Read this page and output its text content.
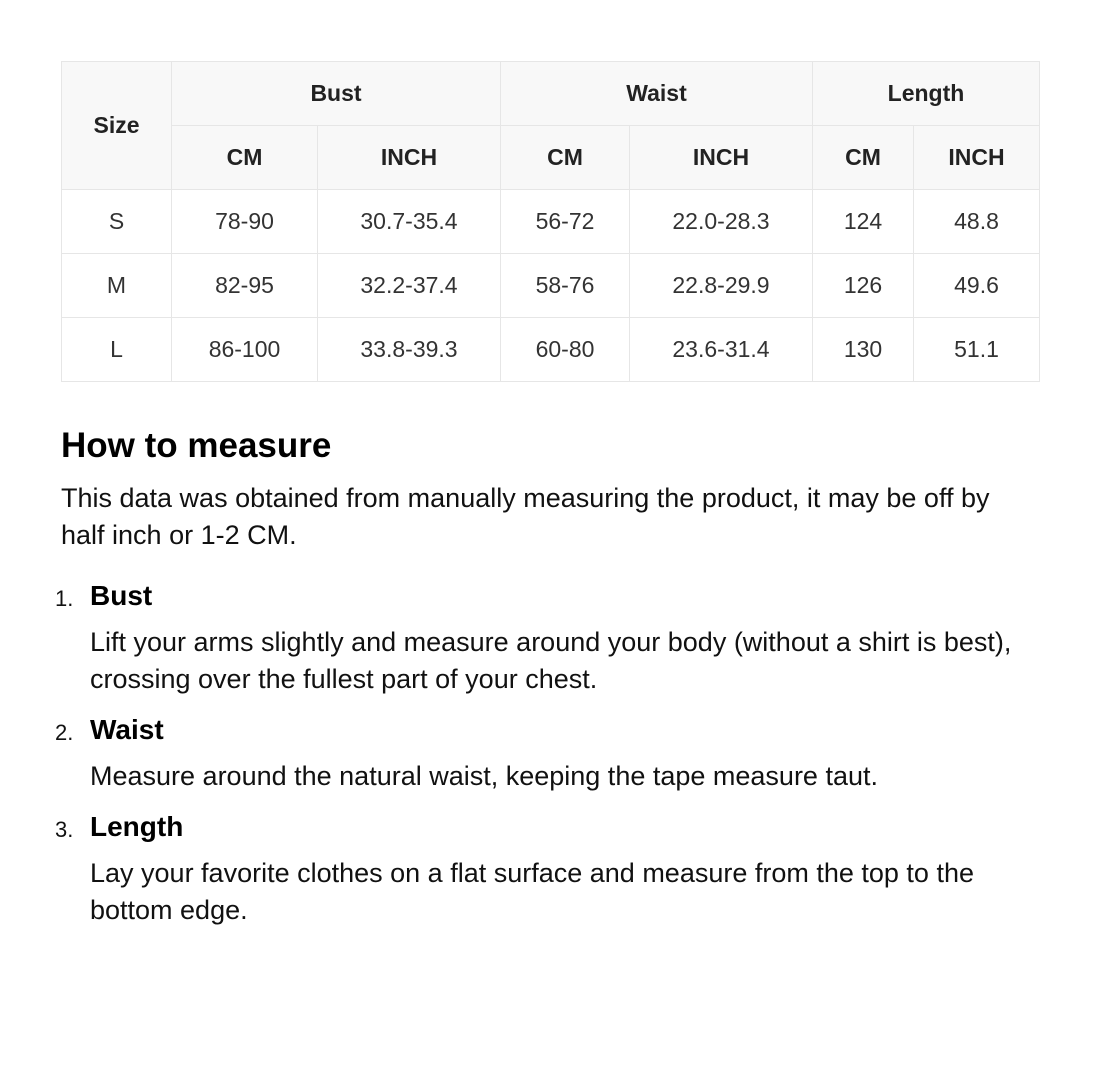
Size	Bust		Waist		Length	
	CM	INCH	CM	INCH	CM	INCH
S	78-90	30.7-35.4	56-72	22.0-28.3	124	48.8
M	82-95	32.2-37.4	58-76	22.8-29.9	126	49.6
L	86-100	33.8-39.3	60-80	23.6-31.4	130	51.1
How to measure

This data was obtained from manually measuring the product, it may be off by half inch or 1-2 CM.

1. Bust
Lift your arms slightly and measure around your body (without a shirt is best), crossing over the fullest part of your chest.
2. Waist
Measure around the natural waist, keeping the tape measure taut.
3. Length
Lay your favorite clothes on a flat surface and measure from the top to the bottom edge.
